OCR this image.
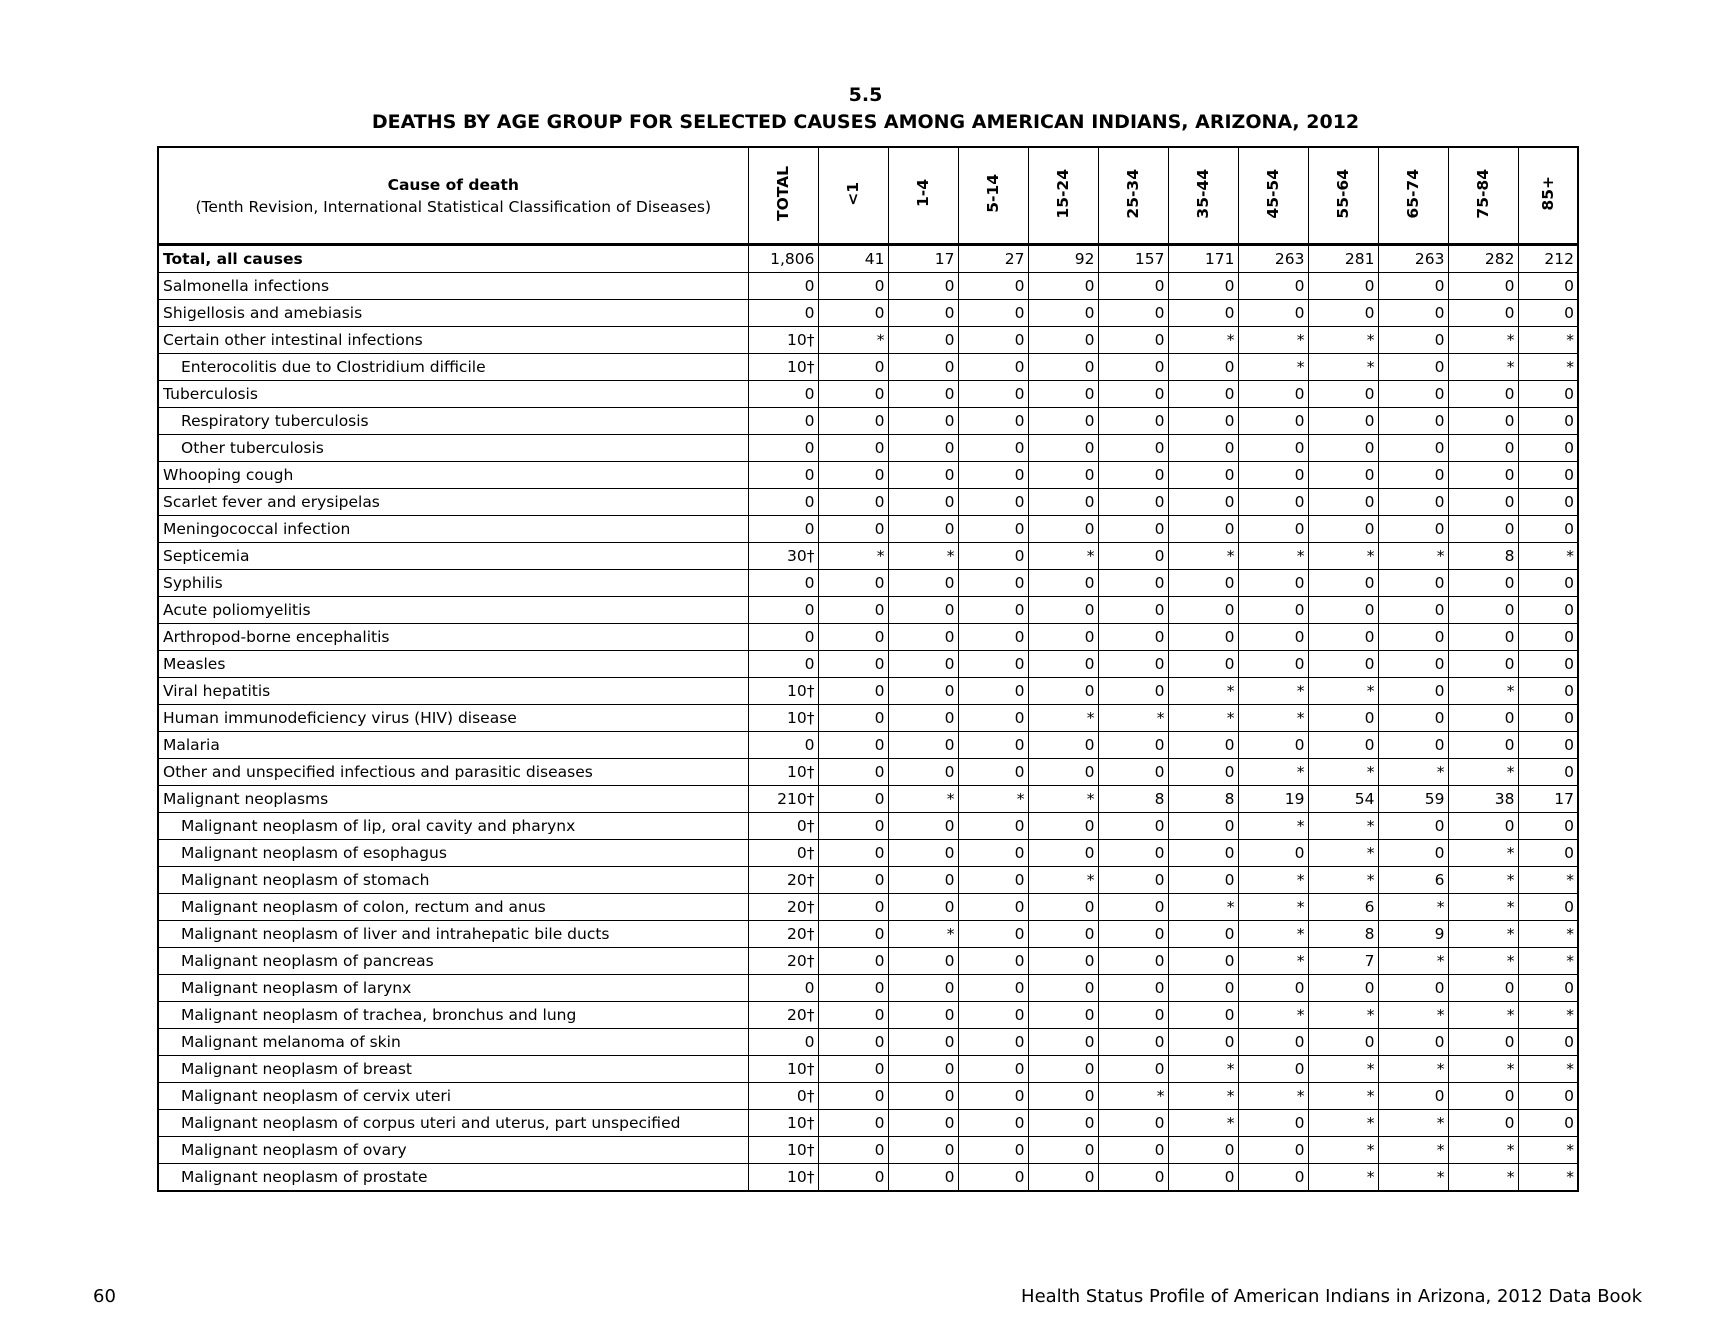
5.5
DEATHS BY AGE GROUP FOR SELECTED CAUSES AMONG AMERICAN INDIANS, ARIZONA, 2012
Cause of death
(Tenth Revision, International Statistical Classification of Diseases)	TOTAL	<1	1-4	5-14	15-24	25-34	35-44	45-54	55-64	65-74	75-84	85+
Total, all causes	1,806	41	17	27	92	157	171	263	281	263	282	212
Salmonella infections	0	0	0	0	0	0	0	0	0	0	0	0
Shigellosis and amebiasis	0	0	0	0	0	0	0	0	0	0	0	0
Certain other intestinal infections	10†	*	0	0	0	0	*	*	*	0	*	*
Enterocolitis due to Clostridium difficile	10†	0	0	0	0	0	0	*	*	0	*	*
Tuberculosis	0	0	0	0	0	0	0	0	0	0	0	0
Respiratory tuberculosis	0	0	0	0	0	0	0	0	0	0	0	0
Other tuberculosis	0	0	0	0	0	0	0	0	0	0	0	0
Whooping cough	0	0	0	0	0	0	0	0	0	0	0	0
Scarlet fever and erysipelas	0	0	0	0	0	0	0	0	0	0	0	0
Meningococcal infection	0	0	0	0	0	0	0	0	0	0	0	0
Septicemia	30†	*	*	0	*	0	*	*	*	*	8	*
Syphilis	0	0	0	0	0	0	0	0	0	0	0	0
Acute poliomyelitis	0	0	0	0	0	0	0	0	0	0	0	0
Arthropod-borne encephalitis	0	0	0	0	0	0	0	0	0	0	0	0
Measles	0	0	0	0	0	0	0	0	0	0	0	0
Viral hepatitis	10†	0	0	0	0	0	*	*	*	0	*	0
Human immunodeficiency virus (HIV) disease	10†	0	0	0	*	*	*	*	0	0	0	0
Malaria	0	0	0	0	0	0	0	0	0	0	0	0
Other and unspecified infectious and parasitic diseases	10†	0	0	0	0	0	0	*	*	*	*	0
Malignant neoplasms	210†	0	*	*	*	8	8	19	54	59	38	17
Malignant neoplasm of lip, oral cavity and pharynx	0†	0	0	0	0	0	0	*	*	0	0	0
Malignant neoplasm of esophagus	0†	0	0	0	0	0	0	0	*	0	*	0
Malignant neoplasm of stomach	20†	0	0	0	*	0	0	*	*	6	*	*
Malignant neoplasm of colon, rectum and anus	20†	0	0	0	0	0	*	*	6	*	*	0
Malignant neoplasm of liver and intrahepatic bile ducts	20†	0	*	0	0	0	0	*	8	9	*	*
Malignant neoplasm of pancreas	20†	0	0	0	0	0	0	*	7	*	*	*
Malignant neoplasm of larynx	0	0	0	0	0	0	0	0	0	0	0	0
Malignant neoplasm of trachea, bronchus and lung	20†	0	0	0	0	0	0	*	*	*	*	*
Malignant melanoma of skin	0	0	0	0	0	0	0	0	0	0	0	0
Malignant neoplasm of breast	10†	0	0	0	0	0	*	0	*	*	*	*
Malignant neoplasm of cervix uteri	0†	0	0	0	0	*	*	*	*	0	0	0
Malignant neoplasm of corpus uteri and uterus, part unspecified	10†	0	0	0	0	0	*	0	*	*	0	0
Malignant neoplasm of ovary	10†	0	0	0	0	0	0	0	*	*	*	*
Malignant neoplasm of prostate	10†	0	0	0	0	0	0	0	*	*	*	*
60	Health Status Profile of American Indians in Arizona, 2012 Data Book
